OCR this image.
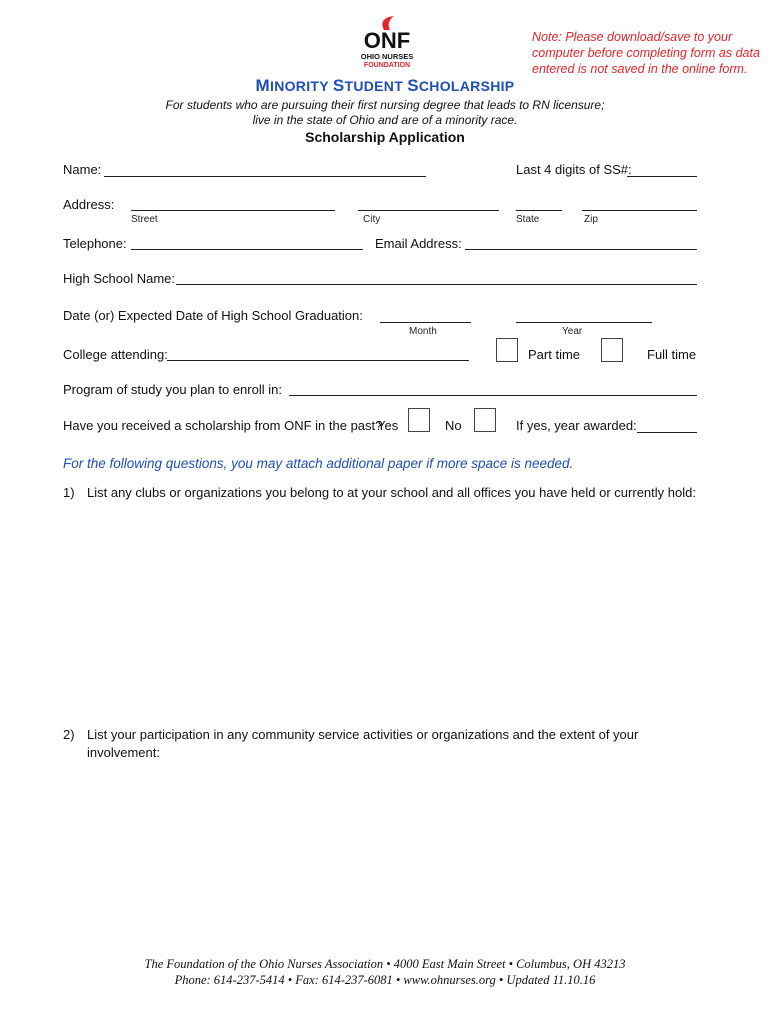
ONF
OHIO NURSES
FOUNDATION
Note: Please download/save to your
computer before completing form as data
entered is not saved in the online form.
MINORITY STUDENT SCHOLARSHIP
For students who are pursuing their first nursing degree that leads to RN licensure;
live in the state of Ohio and are of a minority race.
Scholarship Application
Name:	Last 4 digits of SS#:
Address:
Street	City	State	Zip
Telephone:	Email Address:
High School Name:
Date (or) Expected Date of High School Graduation:
Month	Year
College attending:	Part time	Full time
Program of study you plan to enroll in:
Have you received a scholarship from ONF in the past?
Yes	No	If yes, year awarded:
For the following questions, you may attach additional paper if more space is needed.
1) List any clubs or organizations you belong to at your school and all offices you have held or currently hold:
2) List your participation in any community service activities or organizations and the extent of your
involvement:
The Foundation of the Ohio Nurses Association • 4000 East Main Street • Columbus, OH 43213
Phone: 614-237-5414 • Fax: 614-237-6081 • www.ohnurses.org • Updated 11.10.16
